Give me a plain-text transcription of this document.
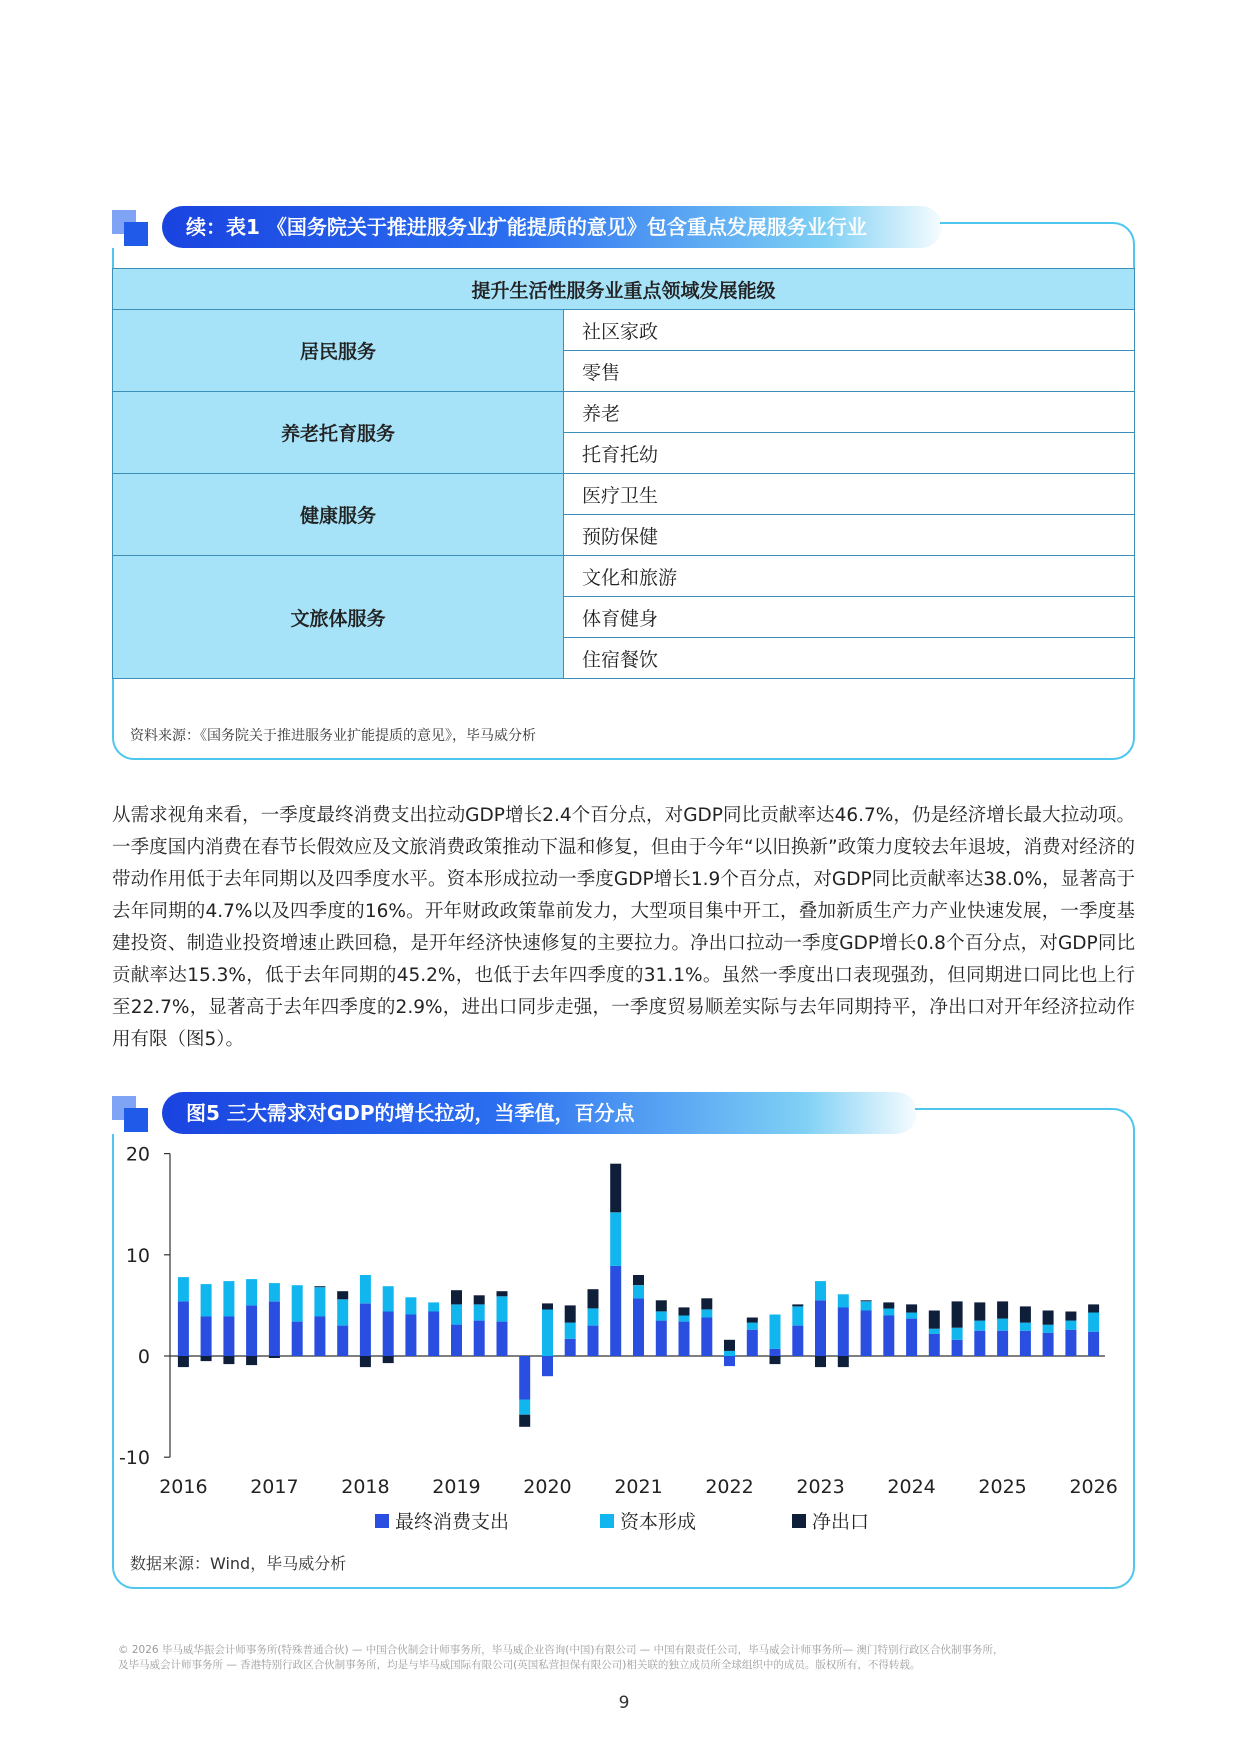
续：表1 《国务院关于推进服务业扩能提质的意见》包含重点发展服务业行业
提升生活性服务业重点领域发展能级	
居民服务	社区家政
	零售
养老托育服务	养老
	托育托幼
健康服务	医疗卫生
	预防保健
文旅体服务	文化和旅游
	体育健身
	住宿餐饮
资料来源：《国务院关于推进服务业扩能提质的意见》，毕马威分析
从需求视角来看，一季度最终消费支出拉动GDP增长2.4个百分点，对GDP同比贡献率达46.7%，仍是经济增长最大拉动项。一季度国内消费在春节长假效应及文旅消费政策推动下温和修复，但由于今年“以旧换新”政策力度较去年退坡，消费对经济的带动作用低于去年同期以及四季度水平。资本形成拉动一季度GDP增长1.9个百分点，对GDP同比贡献率达38.0%，显著高于去年同期的4.7%以及四季度的16%。开年财政政策靠前发力，大型项目集中开工，叠加新质生产力产业快速发展，一季度基建投资、制造业投资增速止跌回稳，是开年经济快速修复的主要拉力。净出口拉动一季度GDP增长0.8个百分点，对GDP同比贡献率达15.3%，低于去年同期的45.2%，也低于去年四季度的31.1%。虽然一季度出口表现强劲，但同期进口同比也上行至22.7%，显著高于去年四季度的2.9%，进出口同步走强，一季度贸易顺差实际与去年同期持平，净出口对开年经济拉动作用有限（图5）。
图5 三大需求对GDP的增长拉动，当季值，百分点
-10
0
10
20
2016 2017 2018 2019 2020 2021 2022 2023 2024 2025 2026
最终消费支出	资本形成	净出口
数据来源：Wind，毕马威分析
© 2026 毕马威华振会计师事务所(特殊普通合伙) — 中国合伙制会计师事务所，毕马威企业咨询(中国)有限公司 — 中国有限责任公司，毕马威会计师事务所— 澳门特别行政区合伙制事务所，
及毕马威会计师事务所 — 香港特别行政区合伙制事务所，均是与毕马威国际有限公司(英国私营担保有限公司)相关联的独立成员所全球组织中的成员。版权所有，不得转载。
9
